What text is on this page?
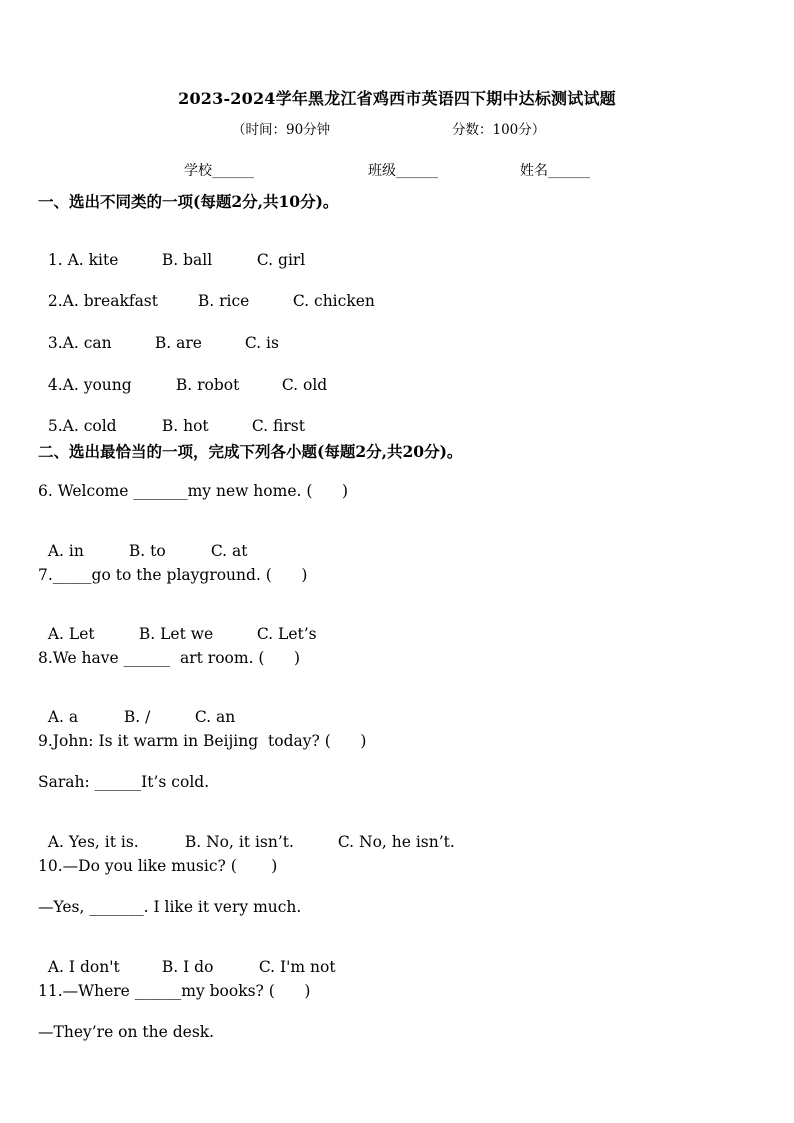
2023-2024学年黑龙江省鸡西市英语四下期中达标测试试题
（时间：90分钟	分数：100分）
学校______	班级______	姓名______
一、选出不同类的一项(每题2分,共10分)。

1. A. kite	B. ball	C. girl

2.A. breakfast	B. rice	C. chicken

3.A. can	B. are	C. is

4.A. young	B. robot	C. old

5.A. cold	B. hot	C. first

二、选出最恰当的一项，完成下列各小题(每题2分,共20分)。
6. Welcome _______my new home. (      )

A. in	B. to	C. at

7._____go to the playground. (      )

A. Let	B. Let we	C. Let’s

8.We have ______  art room. (      )

A. a	B. /	C. an

9.John: Is it warm in Beijing  today? (      )
Sarah: ______It’s cold.

A. Yes, it is.	B. No, it isn’t.	C. No, he isn’t.

10.—Do you like music? (       )
—Yes, _______. I like it very much.

A. I don't	B. I do	C. I'm not

11.—Where ______my books? (      )
—They’re on the desk.
